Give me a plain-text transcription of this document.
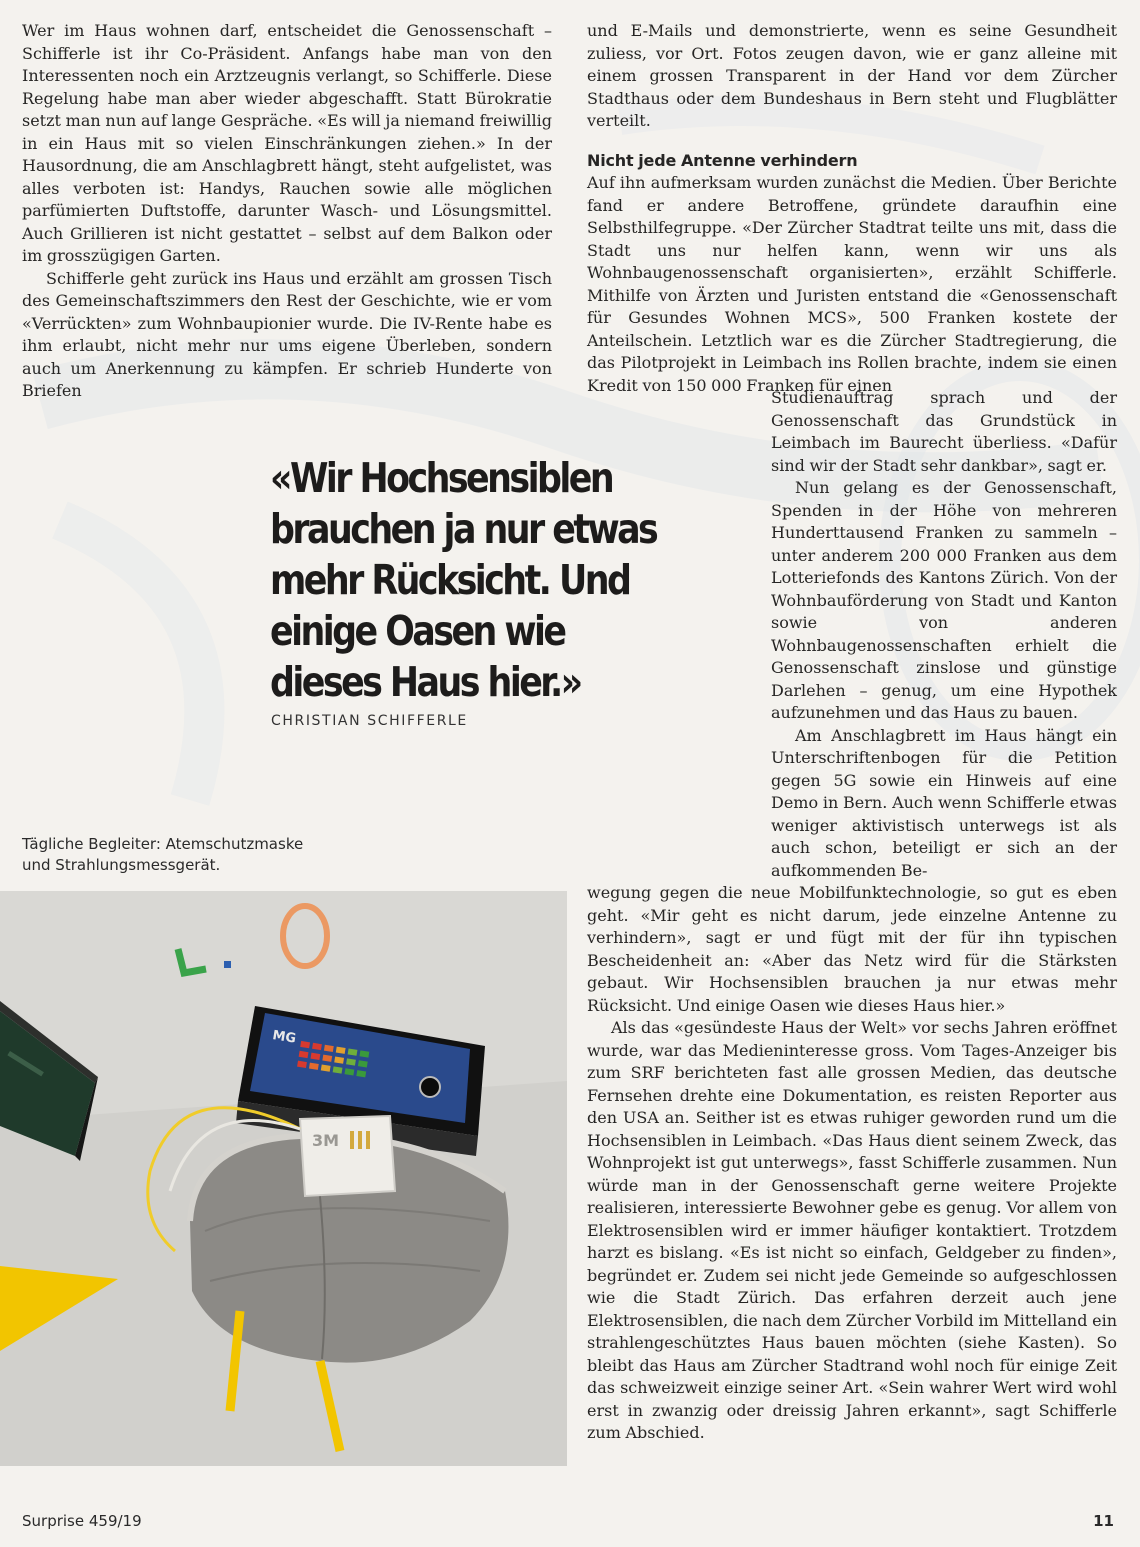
Wer im Haus wohnen darf, entscheidet die Genossenschaft – Schifferle ist ihr Co-Präsident. Anfangs habe man von den Interessenten noch ein Arztzeugnis verlangt, so Schifferle. Diese Regelung habe man aber wieder abgeschafft. Statt Bürokratie setzt man nun auf lange Gespräche. «Es will ja niemand freiwillig in ein Haus mit so vielen Einschränkungen ziehen.» In der Hausordnung, die am Anschlagbrett hängt, steht aufgelistet, was alles verboten ist: Handys, Rauchen sowie alle möglichen parfümierten Duftstoffe, darunter Wasch- und Lösungsmittel. Auch Grillieren ist nicht gestattet – selbst auf dem Balkon oder im grosszügigen Garten.

Schifferle geht zurück ins Haus und erzählt am grossen Tisch des Gemeinschaftszimmers den Rest der Geschichte, wie er vom «Verrückten» zum Wohnbaupionier wurde. Die IV-Rente habe es ihm erlaubt, nicht mehr nur ums eigene Überleben, sondern auch um Anerkennung zu kämpfen. Er schrieb Hunderte von Briefen

und E-Mails und demonstrierte, wenn es seine Gesundheit zuliess, vor Ort. Fotos zeugen davon, wie er ganz alleine mit einem grossen Transparent in der Hand vor dem Zürcher Stadthaus oder dem Bundeshaus in Bern steht und Flugblätter verteilt.

Nicht jede Antenne verhindern

Auf ihn aufmerksam wurden zunächst die Medien. Über Berichte fand er andere Betroffene, gründete daraufhin eine Selbsthilfegruppe. «Der Zürcher Stadtrat teilte uns mit, dass die Stadt uns nur helfen kann, wenn wir uns als Wohnbaugenossenschaft organisierten», erzählt Schifferle. Mithilfe von Ärzten und Juristen entstand die «Genossenschaft für Gesundes Wohnen MCS», 500 Franken kostete der Anteilschein. Letztlich war es die Zürcher Stadtregierung, die das Pilotprojekt in Leimbach ins Rollen brachte, indem sie einen Kredit von 150 000 Franken für einen

Studienauftrag sprach und der Genossenschaft das Grundstück in Leimbach im Baurecht überliess. «Dafür sind wir der Stadt sehr dankbar», sagt er.

Nun gelang es der Genossenschaft, Spenden in der Höhe von mehreren Hunderttausend Franken zu sammeln – unter anderem 200 000 Franken aus dem Lotteriefonds des Kantons Zürich. Von der Wohnbauförderung von Stadt und Kanton sowie von anderen Wohnbaugenossenschaften erhielt die Genossenschaft zinslose und günstige Darlehen – genug, um eine Hypothek aufzunehmen und das Haus zu bauen.

Am Anschlagbrett im Haus hängt ein Unterschriftenbogen für die Petition gegen 5G sowie ein Hinweis auf eine Demo in Bern. Auch wenn Schifferle etwas weniger aktivistisch unterwegs ist als auch schon, beteiligt er sich an der aufkommenden Be-

wegung gegen die neue Mobilfunktechnologie, so gut es eben geht. «Mir geht es nicht darum, jede einzelne Antenne zu verhindern», sagt er und fügt mit der für ihn typischen Bescheidenheit an: «Aber das Netz wird für die Stärksten gebaut. Wir Hochsensiblen brauchen ja nur etwas mehr Rücksicht. Und einige Oasen wie dieses Haus hier.»

Als das «gesündeste Haus der Welt» vor sechs Jahren eröffnet wurde, war das Medieninteresse gross. Vom Tages-Anzeiger bis zum SRF berichteten fast alle grossen Medien, das deutsche Fernsehen drehte eine Dokumentation, es reisten Reporter aus den USA an. Seither ist es etwas ruhiger geworden rund um die Hochsensiblen in Leimbach. «Das Haus dient seinem Zweck, das Wohnprojekt ist gut unterwegs», fasst Schifferle zusammen. Nun würde man in der Genossenschaft gerne weitere Projekte realisieren, interessierte Bewohner gebe es genug. Vor allem von Elektrosensiblen wird er immer häufiger kontaktiert. Trotzdem harzt es bislang. «Es ist nicht so einfach, Geldgeber zu finden», begründet er. Zudem sei nicht jede Gemeinde so aufgeschlossen wie die Stadt Zürich. Das erfahren derzeit auch jene Elektrosensiblen, die nach dem Zürcher Vorbild im Mittelland ein strahlengeschütztes Haus bauen möchten (siehe Kasten). So bleibt das Haus am Zürcher Stadtrand wohl noch für einige Zeit das schweizweit einzige seiner Art. «Sein wahrer Wert wird wohl erst in zwanzig oder dreissig Jahren erkannt», sagt Schifferle zum Abschied.

«Wir Hochsensiblen brauchen ja nur etwas mehr Rücksicht. Und einige Oasen wie dieses Haus hier.»

CHRISTIAN SCHIFFERLE
Tägliche Begleiter: Atemschutzmaske und Strahlungsmessgerät.
MG
3M
Surprise 459/19	11
